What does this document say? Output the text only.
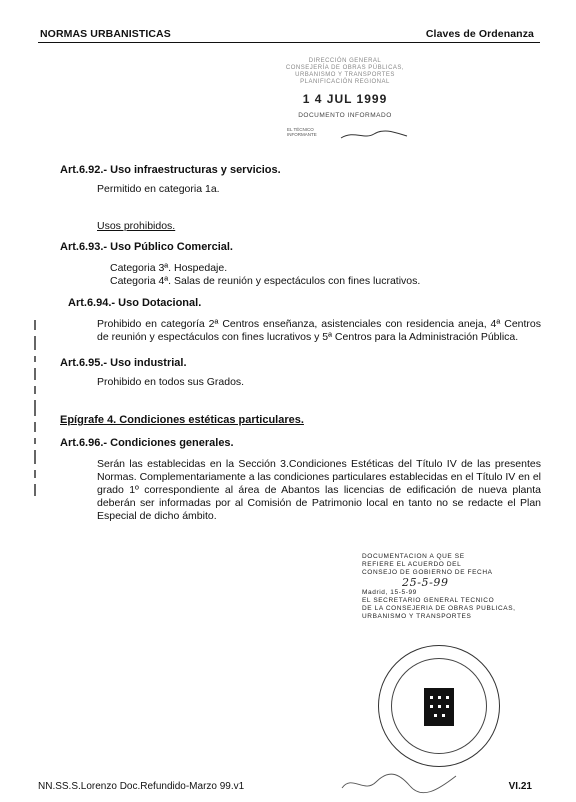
NORMAS URBANISTICAS	Claves de Ordenanza
DIRECCIÓN GENERAL
CONSEJERÍA DE OBRAS PÚBLICAS, URBANISMO Y TRANSPORTES
PLANIFICACIÓN REGIONAL
1 4 JUL 1999
DOCUMENTO INFORMADO
EL TÉCNICO
INFORMANTE
Art.6.92.- Uso infraestructuras y servicios.
Permitido en categoria 1a.
Usos prohibidos.
Art.6.93.- Uso Público Comercial.
Categoria 3ª. Hospedaje.
Categoria 4ª. Salas de reunión y espectáculos con fines lucrativos.
Art.6.94.- Uso Dotacional.
Prohibido en categoría 2ª Centros enseñanza, asistenciales con residencia aneja, 4ª Centros de reunión y espectáculos con fines lucrativos y 5ª Centros para la Administración Pública.
Art.6.95.- Uso industrial.
Prohibido en todos sus Grados.
Epígrafe 4. Condiciones estéticas particulares.
Art.6.96.- Condiciones generales.
Serán las establecidas en la Sección 3.Condiciones Estéticas del Título IV de las presentes Normas. Complementariamente a las condiciones particulares establecidas en el Título IV en el grado 1º correspondiente al área de Abantos las licencias de edificación de nueva planta deberán ser informadas por al Comisión de Patrimonio local en tanto no se redacte el Plan Especial de dicho ámbito.
DOCUMENTACION A QUE SE
REFIERE EL ACUERDO DEL
CONSEJO DE GOBIERNO DE FECHA
25-5-99
Madrid, 15-5-99
EL SECRETARIO GENERAL TECNICO
DE LA CONSEJERIA DE OBRAS PUBLICAS,
URBANISMO Y TRANSPORTES
NN.SS.S.Lorenzo Doc.Refundido-Marzo 99.v1	VI.21
